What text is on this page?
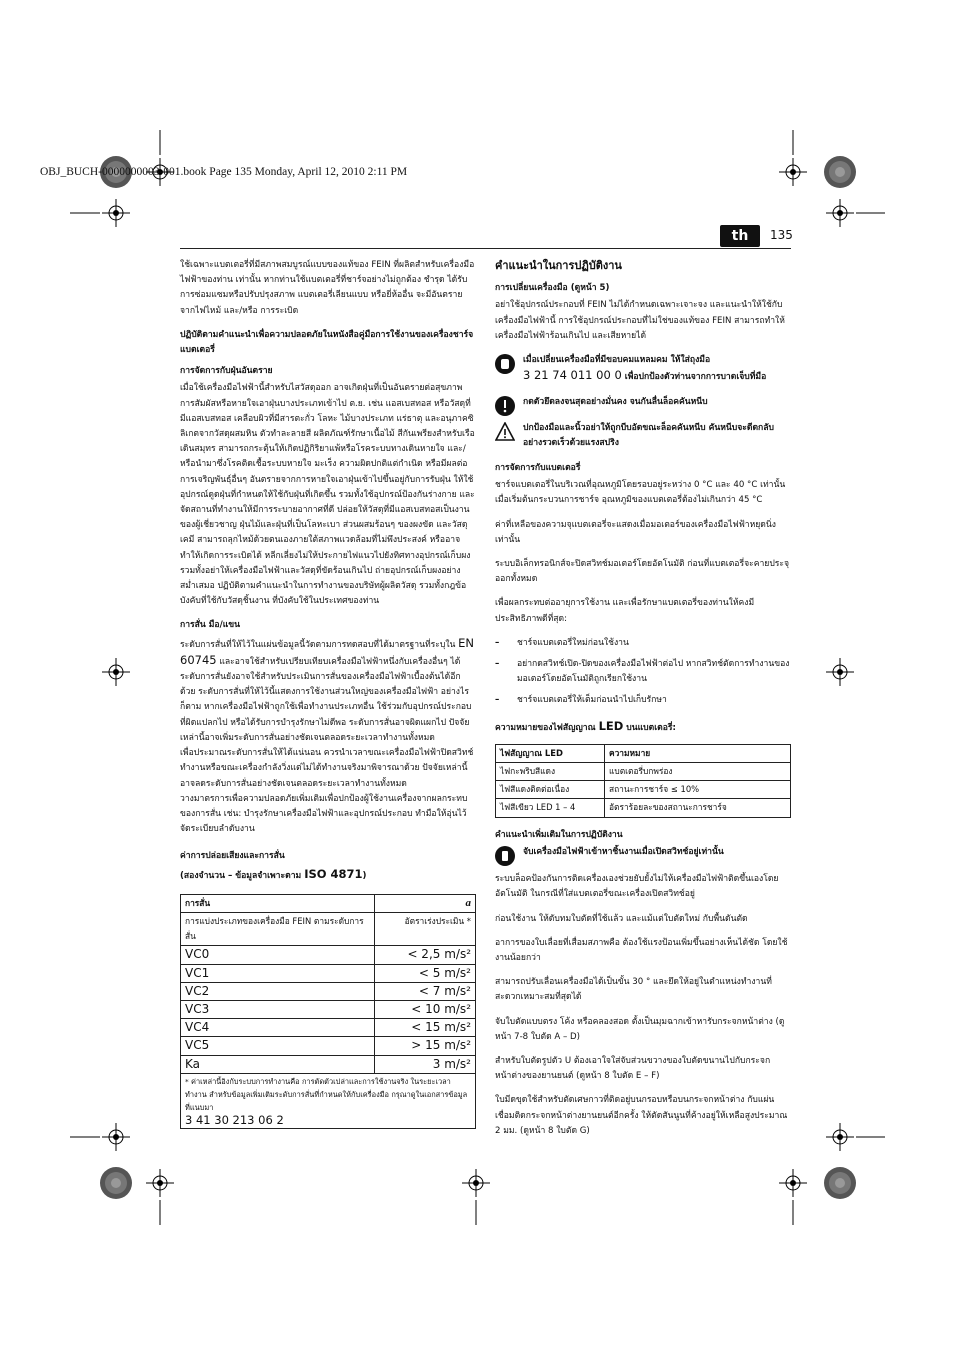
OBJ_BUCH-0000000003-001.book Page 135 Monday, April 12, 2010 2:11 PM
th	135

ใช้เฉพาะแบตเตอรี่ที่มีสภาพสมบูรณ์แบบของแท้ของ FEIN ที่ผลิตสำหรับเครื่องมือไฟฟ้าของท่าน เท่านั้น หากท่านใช้แบตเตอรี่ที่ชาร์จอย่างไม่ถูกต้อง ชำรุด ได้รับการซ่อมแซมหรือปรับปรุงสภาพ แบตเตอรี่เลียนแบบ หรือยี่ห้ออื่น จะมีอันตรายจากไฟไหม้ และ/หรือ การระเบิด

ปฏิบัติตามคำแนะนำเพื่อความปลอดภัยในหนังสือคู่มือการใช้งานของเครื่องชาร์จแบตเตอรี่

การจัดการกับฝุ่นอันตราย

เมื่อใช้เครื่องมือไฟฟ้านี้สำหรับไสวัสดุออก อาจเกิดฝุ่นที่เป็นอันตรายต่อสุขภาพ การสัมผัสหรือหายใจเอาฝุ่นบางประเภทเข้าไป ต.ย. เช่น แอสเบสทอส หรือวัสดุที่มีแอสเบสทอส เคลือบผิวที่มีสารตะกั่ว โลหะ ไม้บางประเภท แร่ธาตุ และอนุภาคซิลิเกตจากวัสดุผสมหิน ตัวทำละลายสี ผลิตภัณฑ์รักษาเนื้อไม้ สีกันเพรียงสำหรับเรือเดินสมุทร สามารถกระตุ้นให้เกิดปฏิกิริยาแพ้หรือโรคระบบทางเดินหายใจ และ/หรือนำมาซึ่งโรคติดเชื้อระบบหายใจ มะเร็ง ความผิดปกติแต่กำเนิด หรือมีผลต่อการเจริญพันธุ์อื่นๆ อันตรายจากการหายใจเอาฝุ่นเข้าไปขึ้นอยู่กับการรับฝุ่น ให้ใช้อุปกรณ์ดูดฝุ่นที่กำหนดให้ใช้กับฝุ่นที่เกิดขึ้น รวมทั้งใช้อุปกรณ์ป้องกันร่างกาย และจัดสถานที่ทำงานให้มีการระบายอากาศที่ดี ปล่อยให้วัสดุที่มีแอสเบสทอสเป็นงานของผู้เชี่ยวชาญ ฝุ่นไม้และฝุ่นที่เป็นโลหะเบา ส่วนผสมร้อนๆ ของผงขัด และวัสดุเคมี สามารถลุกไหม้ด้วยตนเองภายใต้สภาพแวดล้อมที่ไม่พึงประสงค์ หรืออาจทำให้เกิดการระเบิดได้ หลีกเลี่ยงไม่ให้ประกายไฟแนวไปยังทิศทางอุปกรณ์เก็บผง รวมทั้งอย่าให้เครื่องมือไฟฟ้าและวัสดุที่ขัดร้อนเกินไป ถ่ายอุปกรณ์เก็บผงอย่างสม่ำเสมอ ปฏิบัติตามคำแนะนำในการทำงานของบริษัทผู้ผลิตวัสดุ รวมทั้งกฎข้อบังคับที่ใช้กับวัสดุชิ้นงาน ที่บังคับใช้ในประเทศของท่าน

การสั่น มือ/แขน

ระดับการสั่นที่ให้ไว้ในแผ่นข้อมูลนี้วัดตามการทดสอบที่ได้มาตรฐานที่ระบุใน EN 60745 และอาจใช้สำหรับเปรียบเทียบเครื่องมือไฟฟ้าหนึ่งกับเครื่องอื่นๆ ได้ ระดับการสั่นยังอาจใช้สำหรับประเมินการสั่นของเครื่องมือไฟฟ้าเบื้องต้นได้อีกด้วย ระดับการสั่นที่ให้ไว้นี้แสดงการใช้งานส่วนใหญ่ของเครื่องมือไฟฟ้า อย่างไรก็ตาม หากเครื่องมือไฟฟ้าถูกใช้เพื่อทำงานประเภทอื่น ใช้ร่วมกับอุปกรณ์ประกอบที่ผิดแปลกไป หรือได้รับการบำรุงรักษาไม่ดีพอ ระดับการสั่นอาจผิดแผกไป ปัจจัยเหล่านี้อาจเพิ่มระดับการสั่นอย่างชัดเจนตลอดระยะเวลาทำงานทั้งหมด

เพื่อประมาณระดับการสั่นให้ได้แน่นอน ควรนำเวลาขณะเครื่องมือไฟฟ้าปิดสวิทช์ทำงานหรือขณะเครื่องกำลังวิ่งแต่ไม่ได้ทำงานจริงมาพิจารณาด้วย ปัจจัยเหล่านี้อาจลดระดับการสั่นอย่างชัดเจนตลอดระยะเวลาทำงานทั้งหมด

วางมาตรการเพื่อความปลอดภัยเพิ่มเติมเพื่อปกป้องผู้ใช้งานเครื่องจากผลกระทบของการสั่น เช่น: บำรุงรักษาเครื่องมือไฟฟ้าและอุปกรณ์ประกอบ ทำมือให้อุ่นไว้ จัดระเบียบลำดับงาน

ค่าการปล่อยเสียงและการสั่น
(สองจำนวน – ข้อมูลจำเพาะตาม ISO 4871)
การสั่น	a
การแบ่งประเภทของเครื่องมือ FEIN ตามระดับการสั่น	อัตราเร่งประเมิน *
VC0	< 2,5 m/s²
VC1	< 5 m/s²
VC2	< 7 m/s²
VC3	< 10 m/s²
VC4	< 15 m/s²
VC5	> 15 m/s²
Ka	3 m/s²

* ค่าเหล่านี้อิงกับระบบการทำงานคือ การตัดตัวเปล่าและการใช้งานจริง ในระยะเวลาทำงาน สำหรับข้อมูลเพิ่มเติมระดับการสั่นที่กำหนดให้กับเครื่องมือ กรุณาดูในเอกสารข้อมูลที่แนบมา
3 41 30 213 06 2	
คำแนะนำในการปฏิบัติงาน
การเปลี่ยนเครื่องมือ (ดูหน้า 5)

อย่าใช้อุปกรณ์ประกอบที่ FEIN ไม่ได้กำหนดเฉพาะเจาะจง และแนะนำให้ใช้กับเครื่องมือไฟฟ้านี้ การใช้อุปกรณ์ประกอบที่ไม่ใช่ของแท้ของ FEIN สามารถทำให้เครื่องมือไฟฟ้าร้อนเกินไป และเสียหายได้

เมื่อเปลี่ยนเครื่องมือที่มีขอบคมแหลมคม ให้ใส่ถุงมือ
3 21 74 011 00 0 เพื่อปกป้องตัวท่านจากการบาดเจ็บที่มือ
กดตัวยึดลงจนสุดอย่างมั่นคง จนกันลื่นล็อคคันหนีบ
ปกป้องมือและนิ้วอย่าให้ถูกบีบอัดขณะล็อคคันหนีบ คันหนีบจะดีดกลับอย่างรวดเร็วด้วยแรงสปริง
การจัดการกับแบตเตอรี่

ชาร์จแบตเตอรี่ในบริเวณที่อุณหภูมิโดยรอบอยู่ระหว่าง 0 °C และ 40 °C เท่านั้น เมื่อเริ่มต้นกระบวนการชาร์จ อุณหภูมิของแบตเตอรี่ต้องไม่เกินกว่า 45 °C

ค่าที่เหลือของความจุแบตเตอรี่จะแสดงเมื่อมอเตอร์ของเครื่องมือไฟฟ้าหยุดนิ่งเท่านั้น

ระบบอิเล็กทรอนิกส์จะปิดสวิทช์มอเตอร์โดยอัตโนมัติ ก่อนที่แบตเตอรี่จะคายประจุออกทั้งหมด

เพื่อผลกระทบต่ออายุการใช้งาน และเพื่อรักษาแบตเตอรี่ของท่านให้คงมีประสิทธิภาพดีที่สุด:

– ชาร์จแบตเตอรี่ใหม่ก่อนใช้งาน
– อย่ากดสวิทช์เปิด-ปิดของเครื่องมือไฟฟ้าต่อไป หากสวิทช์ตัดการทำงานของมอเตอร์โดยอัตโนมัติถูกเรียกใช้งาน
– ชาร์จแบตเตอรี่ให้เต็มก่อนนำไปเก็บรักษา
ความหมายของไฟสัญญาณ LED บนแบตเตอรี่:
ไฟสัญญาณ LED	ความหมาย
ไฟกะพริบสีแดง	แบตเตอรี่บกพร่อง
ไฟสีแดงติดต่อเนื่อง	สถานะการชาร์จ ≤ 10%
ไฟสีเขียว LED 1 – 4	อัตราร้อยละของสถานะการชาร์จ
คำแนะนำเพิ่มเติมในการปฏิบัติงาน
จับเครื่องมือไฟฟ้าเข้าหาชิ้นงานเมื่อเปิดสวิทช์อยู่เท่านั้น

ระบบล็อคป้องกันการติดเครื่องเองช่วยยับยั้งไม่ให้เครื่องมือไฟฟ้าติดขึ้นเองโดยอัตโนมัติ ในกรณีที่ใส่แบตเตอรี่ขณะเครื่องเปิดสวิทช์อยู่

ก่อนใช้งาน ให้ดับทมใบตัดที่ใช้แล้ว และแม้แต่ใบตัดใหม่ กับพื้นดันตัด

อาการของใบเลื่อยที่เสื่อมสภาพคือ ต้องใช้แรงป้อนเพิ่มขึ้นอย่างเห็นได้ชัด โดยใช้งานน้อยกว่า

สามารถปรับเลื่อนเครื่องมือได้เป็นขั้น 30 ° และยึดให้อยู่ในตำแหน่งทำงานที่สะดวกเหมาะสมที่สุดได้

จับใบตัดแบบตรง โค้ง หรือคลองสอด ตั้งเป็นมุมฉากเข้าหารับกระจกหน้าต่าง (ดูหน้า 7-8 ใบตัด A – D)

สำหรับใบตัดรูปตัว U ต้องเอาใจใส่จับส่วนขวางของใบตัดขนานไปกับกระจกหน้าต่างของยานยนต์ (ดูหน้า 8 ใบตัด E – F)

ใบมีดขุดใช้สำหรับตัดเศษกาวที่ติดอยู่บนกรอบหรือบนกระจกหน้าต่าง กับแผ่นเชื่อมติดกระจกหน้าต่างยานยนต์อีกครั้ง ให้ตัดสันนูนที่ค้างอยู่ให้เหลือสูงประมาณ 2 มม. (ดูหน้า 8 ใบตัด G)
